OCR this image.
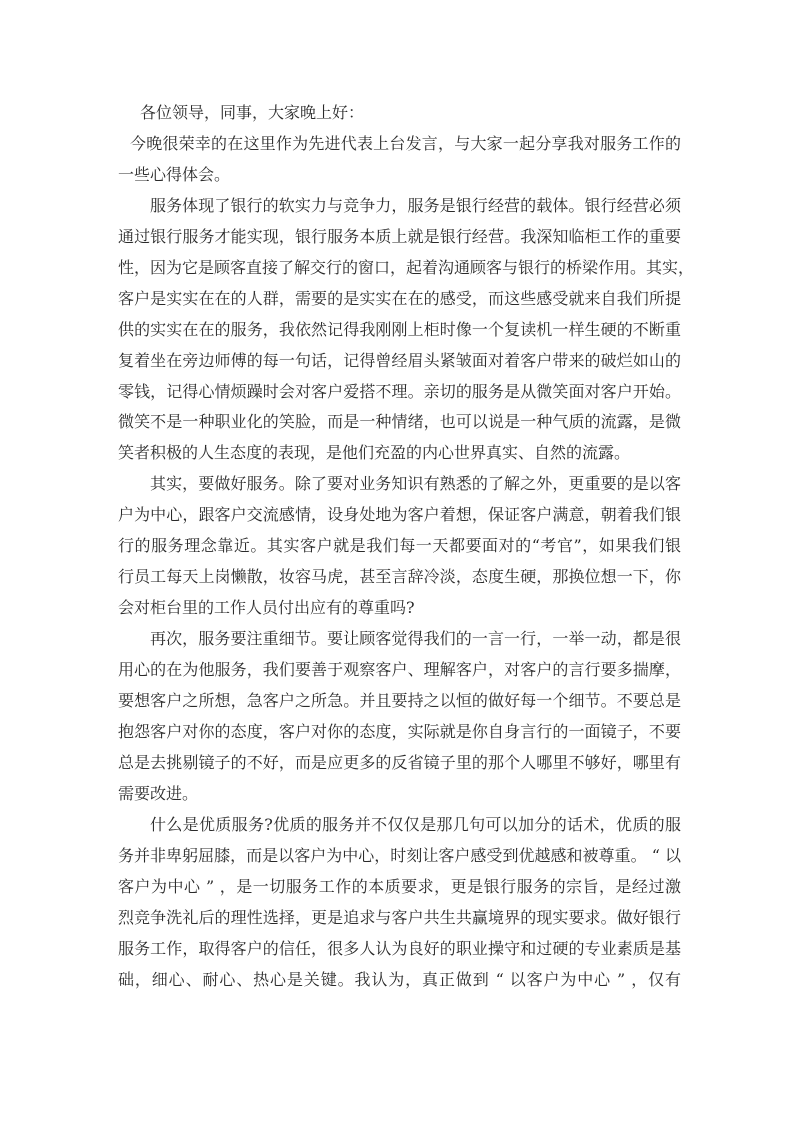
各位领导，同事，大家晚上好：
今晚很荣幸的在这里作为先进代表上台发言，与大家一起分享我对服务工作的
一些心得体会。
服务体现了银行的软实力与竞争力，服务是银行经营的载体。银行经营必须
通过银行服务才能实现，银行服务本质上就是银行经营。我深知临柜工作的重要
性，因为它是顾客直接了解交行的窗口，起着沟通顾客与银行的桥梁作用。其实，
客户是实实在在的人群，需要的是实实在在的感受，而这些感受就来自我们所提
供的实实在在的服务，我依然记得我刚刚上柜时像一个复读机一样生硬的不断重
复着坐在旁边师傅的每一句话，记得曾经眉头紧皱面对着客户带来的破烂如山的
零钱，记得心情烦躁时会对客户爱搭不理。亲切的服务是从微笑面对客户开始。
微笑不是一种职业化的笑脸，而是一种情绪，也可以说是一种气质的流露，是微
笑者积极的人生态度的表现，是他们充盈的内心世界真实、自然的流露。
其实，要做好服务。除了要对业务知识有熟悉的了解之外，更重要的是以客
户为中心，跟客户交流感情，设身处地为客户着想，保证客户满意，朝着我们银
行的服务理念靠近。其实客户就是我们每一天都要面对的“考官”，如果我们银
行员工每天上岗懒散，妆容马虎，甚至言辞冷淡，态度生硬，那换位想一下，你
会对柜台里的工作人员付出应有的尊重吗?
再次，服务要注重细节。要让顾客觉得我们的一言一行，一举一动，都是很
用心的在为他服务，我们要善于观察客户、理解客户，对客户的言行要多揣摩，
要想客户之所想，急客户之所急。并且要持之以恒的做好每一个细节。不要总是
抱怨客户对你的态度，客户对你的态度，实际就是你自身言行的一面镜子，不要
总是去挑剔镜子的不好，而是应更多的反省镜子里的那个人哪里不够好，哪里有
需要改进。
什么是优质服务?优质的服务并不仅仅是那几句可以加分的话术，优质的服
务并非卑躬屈膝，而是以客户为中心，时刻让客户感受到优越感和被尊重。 “ 以
客户为中心 ” ，是一切服务工作的本质要求，更是银行服务的宗旨，是经过激
烈竞争洗礼后的理性选择，更是追求与客户共生共赢境界的现实要求。做好银行
服务工作，取得客户的信任，很多人认为良好的职业操守和过硬的专业素质是基
础，细心、耐心、热心是关键。我认为，真正做到 “ 以客户为中心 ” ，仅有
